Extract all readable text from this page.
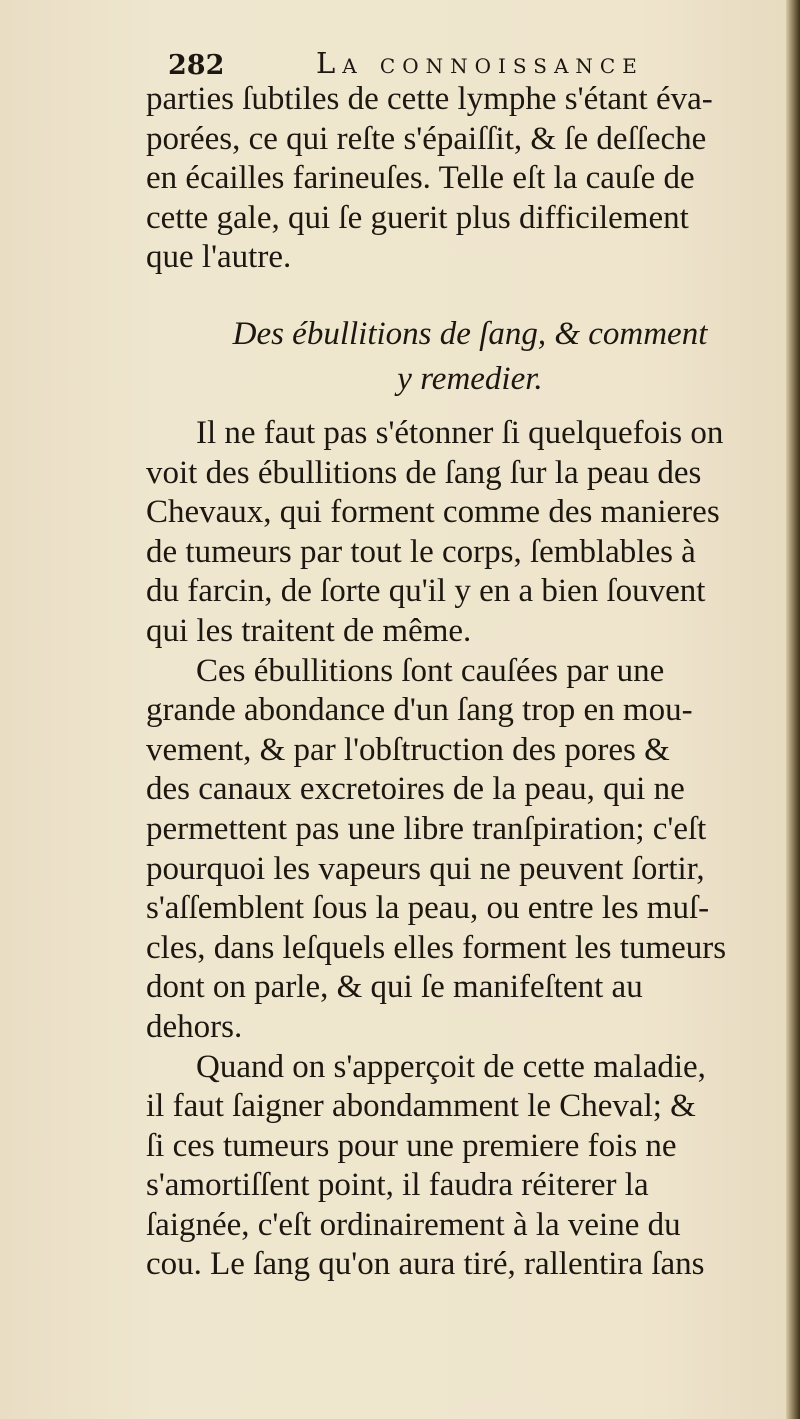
282	La connoissance
parties ſubtiles de cette lymphe s'étant éva-
porées, ce qui reſte s'épaiſſit, & ſe deſſeche
en écailles farineuſes. Telle eſt la cauſe de
cette gale, qui ſe guerit plus difficilement
que l'autre.
Des ébullitions de ſang, & comment
y remedier.
Il ne faut pas s'étonner ſi quelquefois on
voit des ébullitions de ſang ſur la peau des
Chevaux, qui forment comme des manieres
de tumeurs par tout le corps, ſemblables à
du farcin, de ſorte qu'il y en a bien ſouvent
qui les traitent de même.
Ces ébullitions ſont cauſées par une
grande abondance d'un ſang trop en mou-
vement, & par l'obſtruction des pores &
des canaux excretoires de la peau, qui ne
permettent pas une libre tranſpiration; c'eſt
pourquoi les vapeurs qui ne peuvent ſortir,
s'aſſemblent ſous la peau, ou entre les muſ-
cles, dans leſquels elles forment les tumeurs
dont on parle, & qui ſe manifeſtent au
dehors.
Quand on s'apperçoit de cette maladie,
il faut ſaigner abondamment le Cheval; &
ſi ces tumeurs pour une premiere fois ne
s'amortiſſent point, il faudra réiterer la
ſaignée, c'eſt ordinairement à la veine du
cou. Le ſang qu'on aura tiré, rallentira ſans
